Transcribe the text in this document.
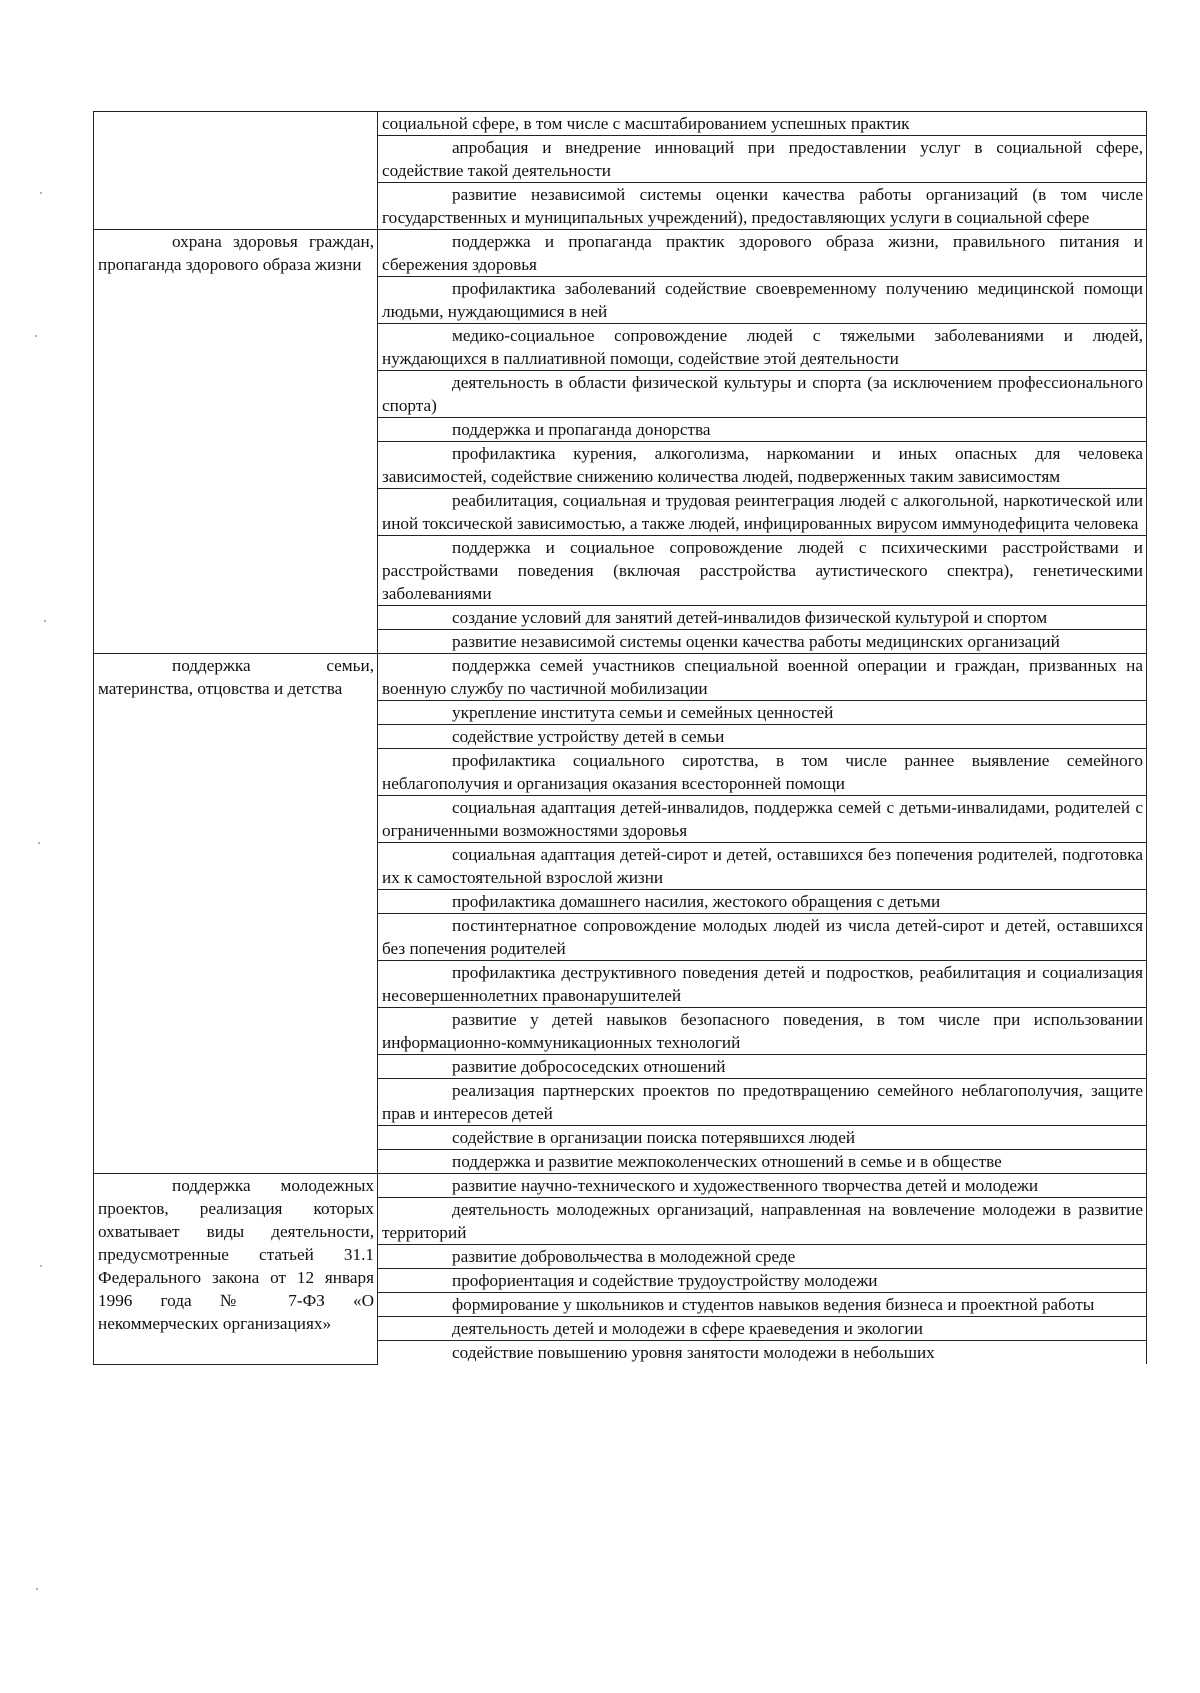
	социальной сфере, в том числе с масштабированием успешных практик
	апробация и внедрение инноваций при предоставлении услуг в социальной сфере, содействие такой деятельности
	развитие независимой системы оценки качества работы организаций (в том числе государственных и муниципальных учреждений), предоставляющих услуги в социальной сфере
охрана здоровья граждан, пропаганда здорового образа жизни	поддержка и пропаганда практик здорового образа жизни, правильного питания и сбережения здоровья
	профилактика заболеваний содействие своевременному получению медицинской помощи людьми, нуждающимися в ней
	медико-социальное сопровождение людей с тяжелыми заболеваниями и людей, нуждающихся в паллиативной помощи, содействие этой деятельности
	деятельность в области физической культуры и спорта (за исключением профессионального спорта)
	поддержка и пропаганда донорства
	профилактика курения, алкоголизма, наркомании и иных опасных для человека зависимостей, содействие снижению количества людей, подверженных таким зависимостям
	реабилитация, социальная и трудовая реинтеграция людей с алкогольной, наркотической или иной токсической зависимостью, а также людей, инфицированных вирусом иммунодефицита человека
	поддержка и социальное сопровождение людей с психическими расстройствами и расстройствами поведения (включая расстройства аутистического спектра), генетическими заболеваниями
	создание условий для занятий детей-инвалидов физической культурой и спортом
	развитие независимой системы оценки качества работы медицинских организаций
поддержка семьи, материнства, отцовства и детства	поддержка семей участников специальной военной операции и граждан, призванных на военную службу по частичной мобилизации
	укрепление института семьи и семейных ценностей
	содействие устройству детей в семьи
	профилактика социального сиротства, в том числе раннее выявление семейного неблагополучия и организация оказания всесторонней помощи
	социальная адаптация детей-инвалидов, поддержка семей с детьми-инвалидами, родителей с ограниченными возможностями здоровья
	социальная адаптация детей-сирот и детей, оставшихся без попечения родителей, подготовка их к самостоятельной взрослой жизни
	профилактика домашнего насилия, жестокого обращения с детьми
	постинтернатное сопровождение молодых людей из числа детей-сирот и детей, оставшихся без попечения родителей
	профилактика деструктивного поведения детей и подростков, реабилитация и социализация несовершеннолетних правонарушителей
	развитие у детей навыков безопасного поведения, в том числе при использовании информационно-коммуникационных технологий
	развитие добрососедских отношений
	реализация партнерских проектов по предотвращению семейного неблагополучия, защите прав и интересов детей
	содействие в организации поиска потерявшихся людей
	поддержка и развитие межпоколенческих отношений в семье и в обществе
поддержка молодежных проектов, реализация которых охватывает виды деятельности, предусмотренные статьей 31.1 Федерального закона от 12 января 1996 года № 7-ФЗ «О некоммерческих организациях»	развитие научно-технического и художественного творчества детей и молодежи
	деятельность молодежных организаций, направленная на вовлечение молодежи в развитие территорий
	развитие добровольчества в молодежной среде
	профориентация и содействие трудоустройству молодежи
	формирование у школьников и студентов навыков ведения бизнеса и проектной работы
	деятельность детей и молодежи в сфере краеведения и экологии
	содействие повышению уровня занятости молодежи в небольших
